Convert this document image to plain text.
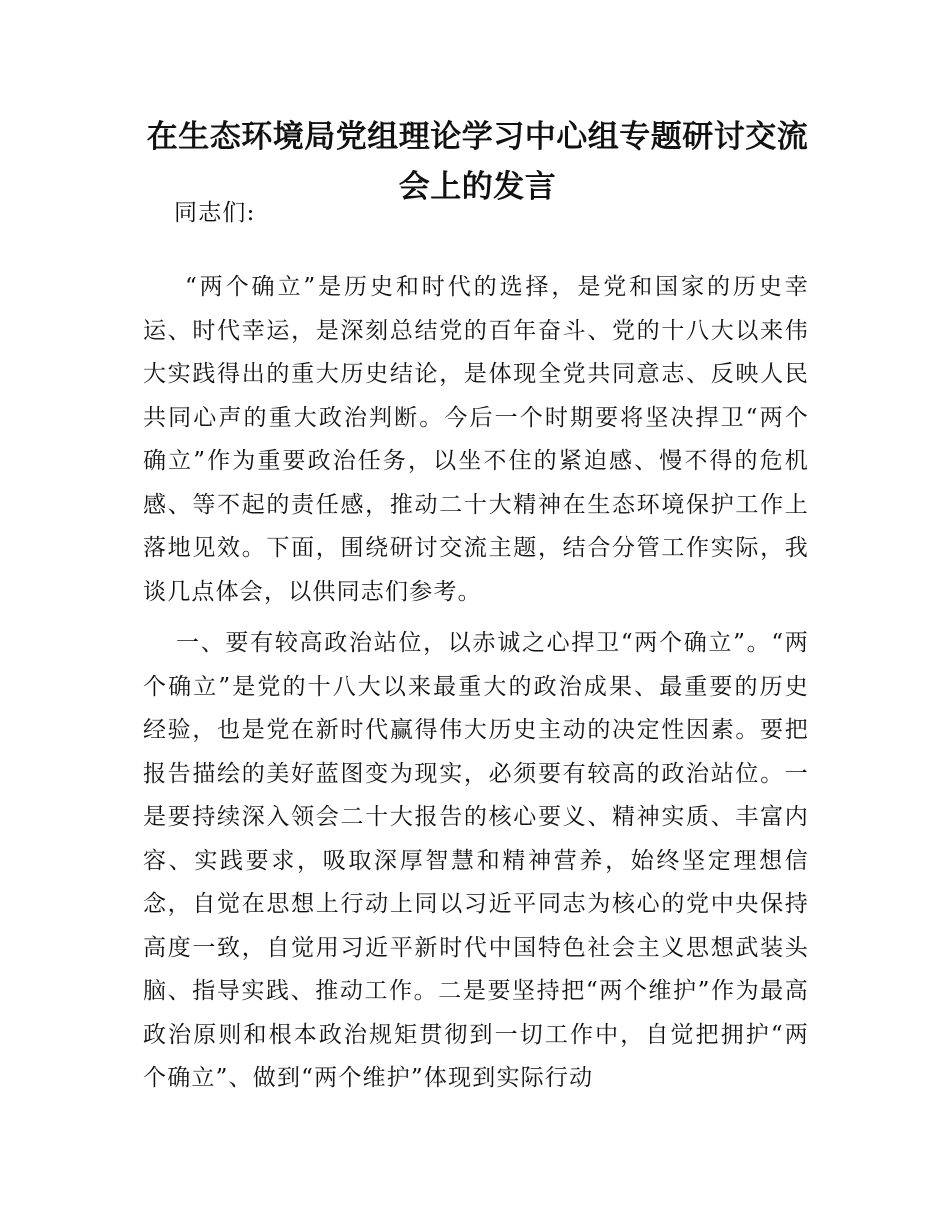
在生态环境局党组理论学习中心组专题研讨交流会上的发言

同志们:

“两个确立”是历史和时代的选择，是党和国家的历史幸运、时代幸运，是深刻总结党的百年奋斗、党的十八大以来伟大实践得出的重大历史结论，是体现全党共同意志、反映人民共同心声的重大政治判断。今后一个时期要将坚决捍卫“两个确立”作为重要政治任务，以坐不住的紧迫感、慢不得的危机感、等不起的责任感，推动二十大精神在生态环境保护工作上落地见效。下面，围绕研讨交流主题，结合分管工作实际，我谈几点体会，以供同志们参考。

一、要有较高政治站位，以赤诚之心捍卫“两个确立”。“两个确立”是党的十八大以来最重大的政治成果、最重要的历史经验，也是党在新时代赢得伟大历史主动的决定性因素。要把报告描绘的美好蓝图变为现实，必须要有较高的政治站位。一是要持续深入领会二十大报告的核心要义、精神实质、丰富内容、实践要求，吸取深厚智慧和精神营养，始终坚定理想信念，自觉在思想上行动上同以习近平同志为核心的党中央保持高度一致，自觉用习近平新时代中国特色社会主义思想武装头脑、指导实践、推动工作。二是要坚持把“两个维护”作为最高政治原则和根本政治规矩贯彻到一切工作中，自觉把拥护“两个确立”、做到“两个维护”体现到实际行动
